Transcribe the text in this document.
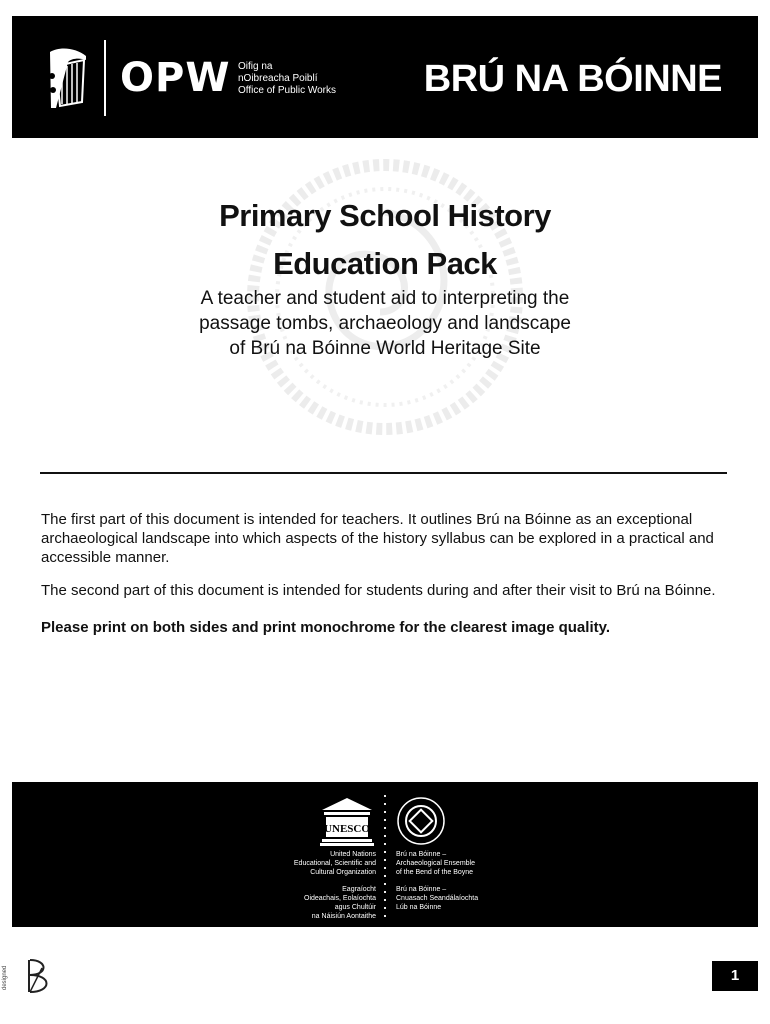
OPW Oifig na
nOibreacha Poiblí
Office of Public Works BRÚ NA BÓINNE
Primary School History
Education Pack
A teacher and student aid to interpreting the
passage tombs, archaeology and landscape
of Brú na Bóinne World Heritage Site

The first part of this document is intended for teachers. It outlines Brú na Bóinne as an exceptional archaeological landscape into which aspects of the history syllabus can be explored in a practical and accessible manner.

The second part of this document is intended for students during and after their visit to Brú na Bóinne.

Please print on both sides and print monochrome for the clearest image quality.

UNESCO
United Nations
Educational, Scientific and
Cultural Organization
Eagraíocht
Oideachais, Eolaíochta
agus Chultúir
na Náisiún Aontaithe
Brú na Bóinne –
Archaeological Ensemble
of the Bend of the Boyne
Brú na Bóinne –
Cnuasach Seandálaíochta
Lúb na Bóinne
designed	1
